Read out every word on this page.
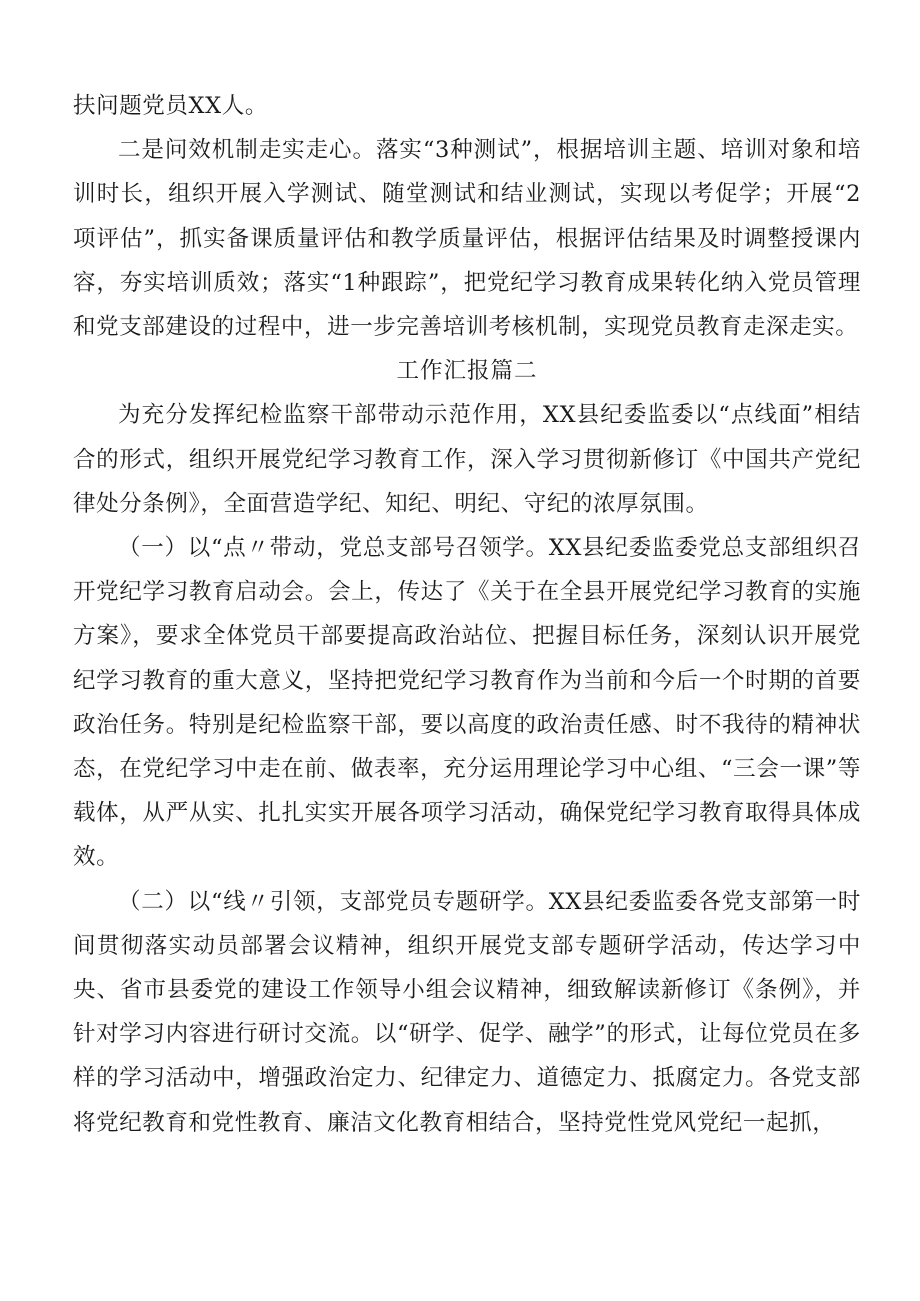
扶问题党员XX人。

二是问效机制走实走心。落实“3种测试”，根据培训主题、培训对象和培训时长，组织开展入学测试、随堂测试和结业测试，实现以考促学；开展“2项评估”，抓实备课质量评估和教学质量评估，根据评估结果及时调整授课内容，夯实培训质效；落实“1种跟踪”，把党纪学习教育成果转化纳入党员管理和党支部建设的过程中，进一步完善培训考核机制，实现党员教育走深走实。

工作汇报篇二

为充分发挥纪检监察干部带动示范作用，XX县纪委监委以“点线面”相结合的形式，组织开展党纪学习教育工作，深入学习贯彻新修订《中国共产党纪律处分条例》，全面营造学纪、知纪、明纪、守纪的浓厚氛围。

（一）以“点〃带动，党总支部号召领学。XX县纪委监委党总支部组织召开党纪学习教育启动会。会上，传达了《关于在全县开展党纪学习教育的实施方案》，要求全体党员干部要提高政治站位、把握目标任务，深刻认识开展党纪学习教育的重大意义，坚持把党纪学习教育作为当前和今后一个时期的首要政治任务。特别是纪检监察干部，要以高度的政治责任感、时不我待的精神状态，在党纪学习中走在前、做表率，充分运用理论学习中心组、“三会一课”等载体，从严从实、扎扎实实开展各项学习活动，确保党纪学习教育取得具体成效。

（二）以“线〃引领，支部党员专题研学。XX县纪委监委各党支部第一时间贯彻落实动员部署会议精神，组织开展党支部专题研学活动，传达学习中央、省市县委党的建设工作领导小组会议精神，细致解读新修订《条例》，并针对学习内容进行研讨交流。以“研学、促学、融学”的形式，让每位党员在多样的学习活动中，增强政治定力、纪律定力、道德定力、抵腐定力。各党支部将党纪教育和党性教育、廉洁文化教育相结合，坚持党性党风党纪一起抓，
